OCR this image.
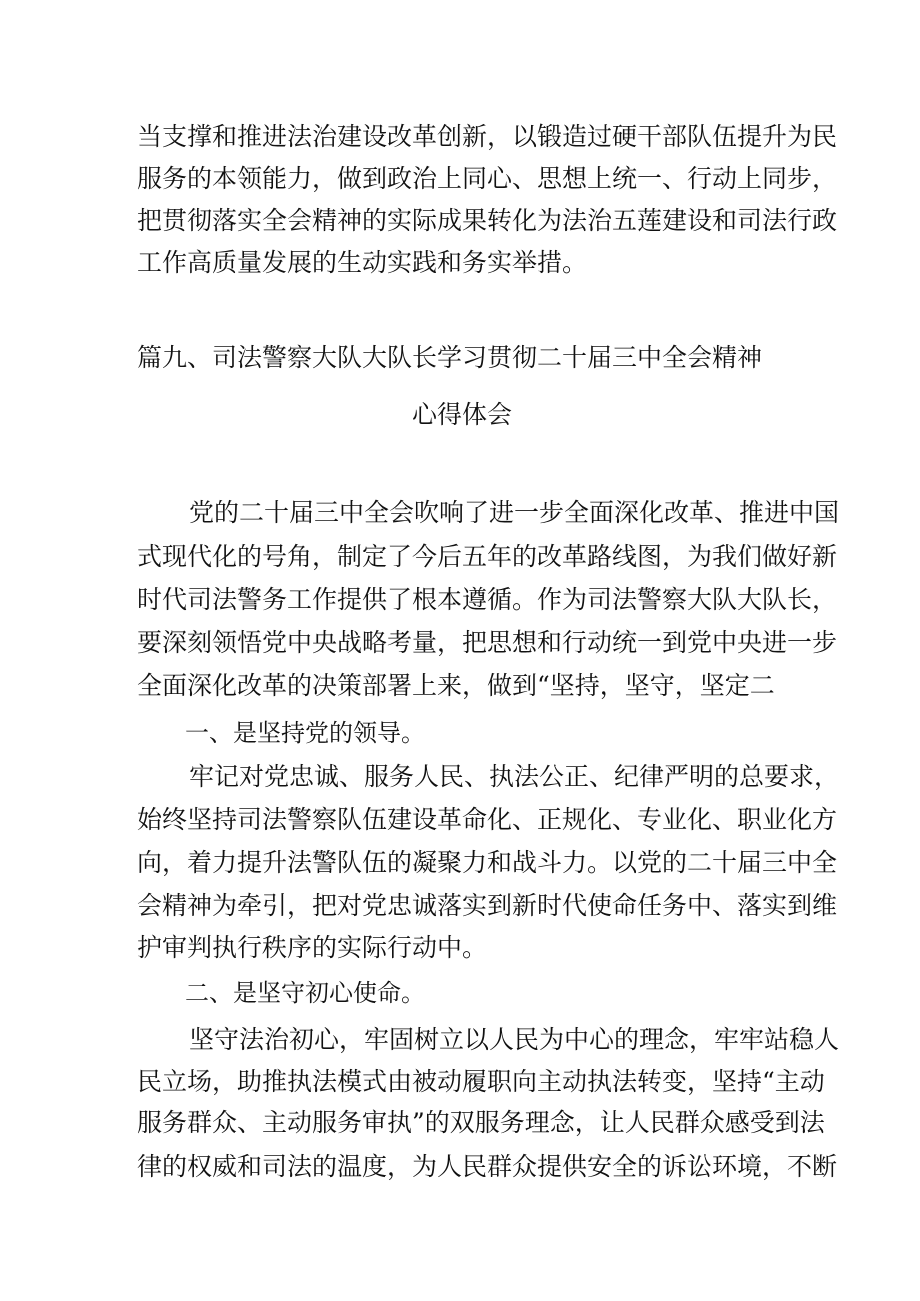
当支撑和推进法治建设改革创新，以锻造过硬干部队伍提升为民
服务的本领能力，做到政治上同心、思想上统一、行动上同步，
把贯彻落实全会精神的实际成果转化为法治五莲建设和司法行政
工作高质量发展的生动实践和务实举措。
篇九、司法警察大队大队长学习贯彻二十届三中全会精神
心得体会
党的二十届三中全会吹响了进一步全面深化改革、推进中国
式现代化的号角，制定了今后五年的改革路线图，为我们做好新
时代司法警务工作提供了根本遵循。作为司法警察大队大队长，
要深刻领悟党中央战略考量，把思想和行动统一到党中央进一步
全面深化改革的决策部署上来，做到“坚持，坚守，坚定二
一、是坚持党的领导。
牢记对党忠诚、服务人民、执法公正、纪律严明的总要求，
始终坚持司法警察队伍建设革命化、正规化、专业化、职业化方
向，着力提升法警队伍的凝聚力和战斗力。以党的二十届三中全
会精神为牵引，把对党忠诚落实到新时代使命任务中、落实到维
护审判执行秩序的实际行动中。
二、是坚守初心使命。
坚守法治初心，牢固树立以人民为中心的理念，牢牢站稳人
民立场，助推执法模式由被动履职向主动执法转变，坚持“主动
服务群众、主动服务审执”的双服务理念，让人民群众感受到法
律的权威和司法的温度，为人民群众提供安全的诉讼环境，不断
